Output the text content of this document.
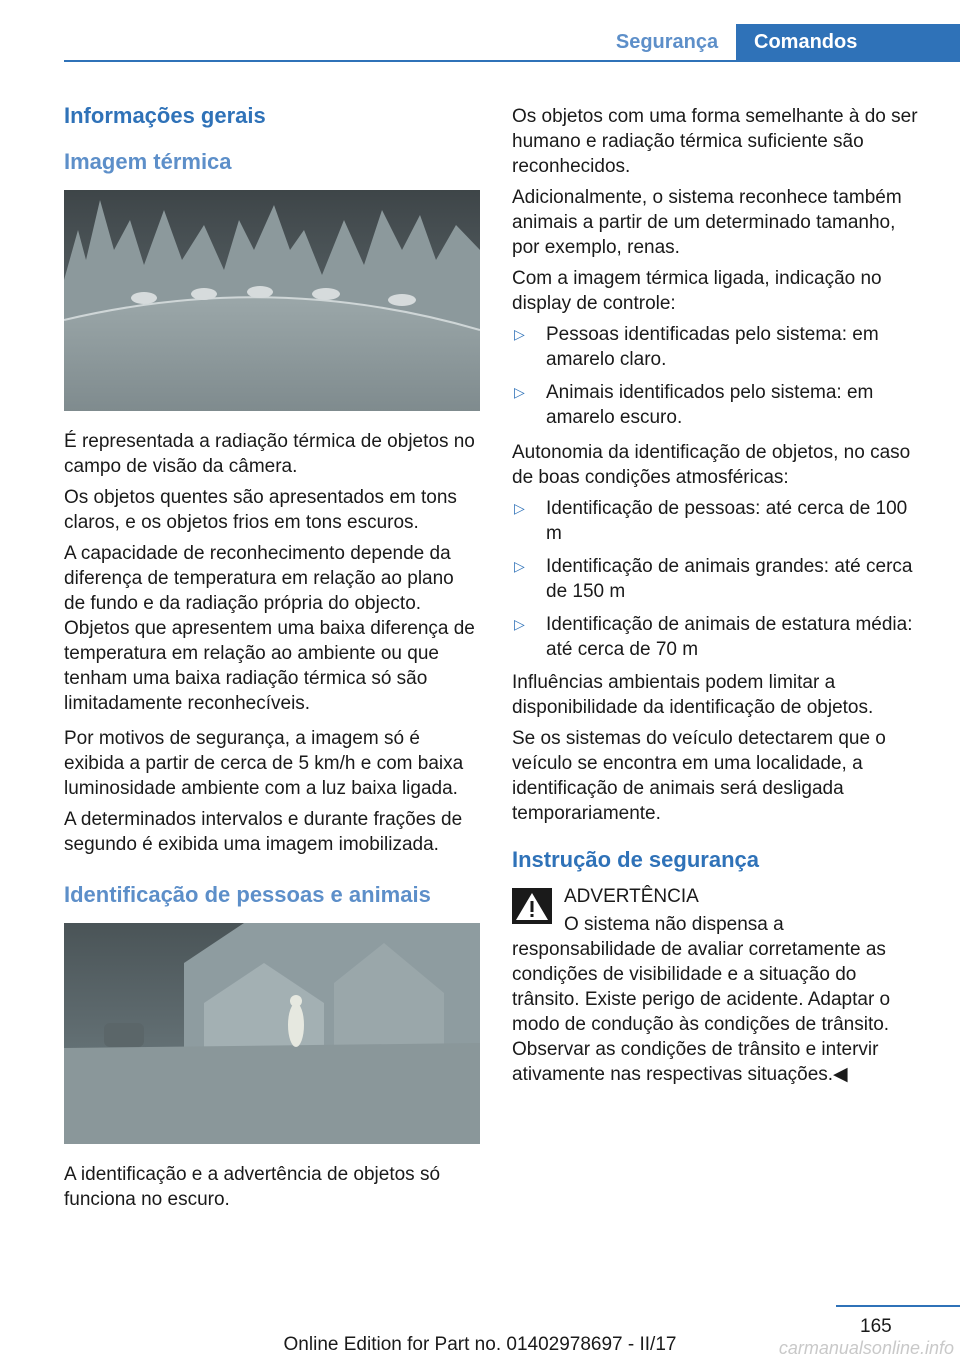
Segurança	Comandos
Informações gerais
Imagem térmica

É representada a radiação térmica de objetos no campo de visão da câmera.

Os objetos quentes são apresentados em tons claros, e os objetos frios em tons escuros.

A capacidade de reconhecimento depende da diferença de temperatura em relação ao plano de fundo e da radiação própria do objecto. Objetos que apresentem uma baixa diferença de temperatura em relação ao ambiente ou que tenham uma baixa radiação térmica só são limitadamente reconhecíveis.

Por motivos de segurança, a imagem só é exibida a partir de cerca de 5 km/h e com baixa luminosidade ambiente com a luz baixa ligada.

A determinados intervalos e durante frações de segundo é exibida uma imagem imobilizada.

Identificação de pessoas e animais

A identificação e a advertência de objetos só funciona no escuro.

Os objetos com uma forma semelhante à do ser humano e radiação térmica suficiente são reconhecidos.

Adicionalmente, o sistema reconhece também animais a partir de um determinado tamanho, por exemplo, renas.

Com a imagem térmica ligada, indicação no display de controle:

▷ Pessoas identificadas pelo sistema: em amarelo claro.
▷ Animais identificados pelo sistema: em amarelo escuro.

Autonomia da identificação de objetos, no caso de boas condições atmosféricas:

▷ Identificação de pessoas: até cerca de 100 m
▷ Identificação de animais grandes: até cerca de 150 m
▷ Identificação de animais de estatura média: até cerca de 70 m

Influências ambientais podem limitar a disponibilidade da identificação de objetos.

Se os sistemas do veículo detectarem que o veículo se encontra em uma localidade, a identificação de animais será desligada temporariamente.

Instrução de segurança

ADVERTÊNCIA

O sistema não dispensa a responsabilidade de avaliar corretamente as condições de visibilidade e a situação do trânsito. Existe perigo de acidente. Adaptar o modo de condução às condições de trânsito. Observar as condições de trânsito e intervir ativamente nas respectivas situações.◀

165
Online Edition for Part no. 01402978697 - II/17	carmanualsonline.info
